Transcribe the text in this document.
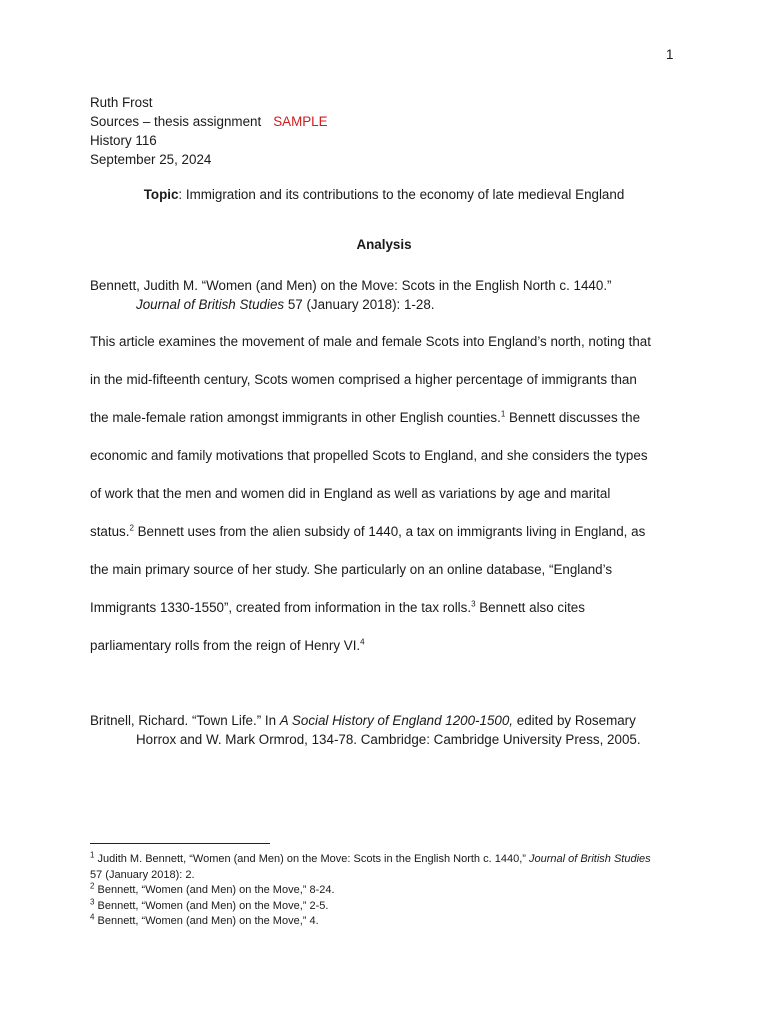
1
Ruth Frost
Sources – thesis assignment SAMPLE
History 116
September 25, 2024
Topic: Immigration and its contributions to the economy of late medieval England
Analysis
Bennett, Judith M. “Women (and Men) on the Move: Scots in the English North c. 1440.”
Journal of British Studies 57 (January 2018): 1-28.
This article examines the movement of male and female Scots into England’s north, noting that
in the mid-fifteenth century, Scots women comprised a higher percentage of immigrants than
the male-female ration amongst immigrants in other English counties.$^1$ Bennett discusses the
economic and family motivations that propelled Scots to England, and she considers the types
of work that the men and women did in England as well as variations by age and marital
status.$^2$ Bennett uses from the alien subsidy of 1440, a tax on immigrants living in England, as
the main primary source of her study. She particularly on an online database, “England’s
Immigrants 1330-1550”, created from information in the tax rolls.$^3$ Bennett also cites
parliamentary rolls from the reign of Henry VI.$^4$
Britnell, Richard. “Town Life.” In A Social History of England 1200-1500, edited by Rosemary
Horrox and W. Mark Ormrod, 134-78. Cambridge: Cambridge University Press, 2005.
$^1$ Judith M. Bennett, “Women (and Men) on the Move: Scots in the English North c. 1440,” Journal of British Studies
57 (January 2018): 2.
$^2$ Bennett, “Women (and Men) on the Move,” 8-24.
$^3$ Bennett, “Women (and Men) on the Move,” 2-5.
$^4$ Bennett, “Women (and Men) on the Move,” 4.
